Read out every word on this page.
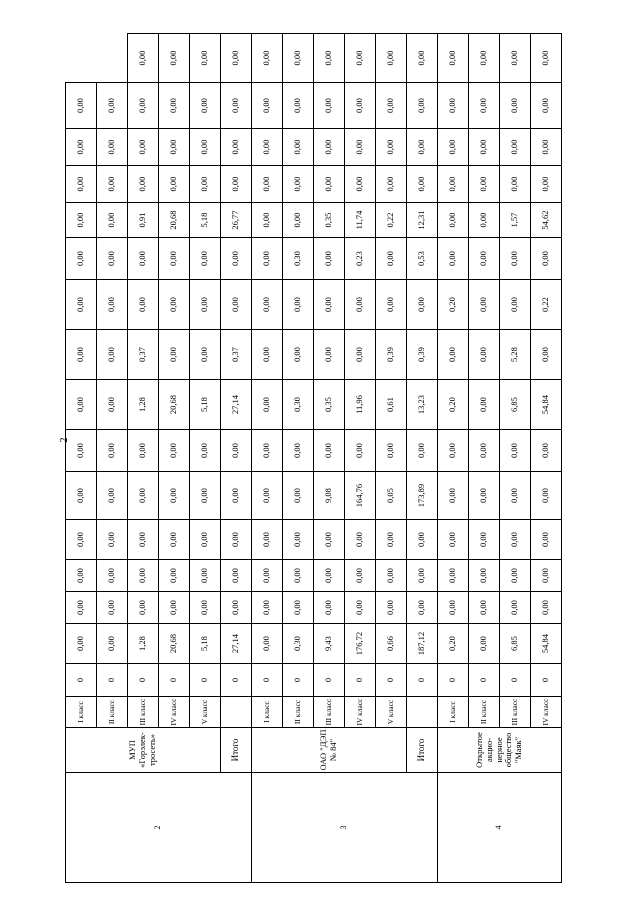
2
2	МУП «Горэлек-тросеть»	I класс	0	0,00	0,00	0,00	0,00	0,00	0,00	0,00	0,00	0,00	0,00	0,00	0,00	0,00	0,00	
		II класс	0	0,00	0,00	0,00	0,00	0,00	0,00	0,00	0,00	0,00	0,00	0,00	0,00	0,00	0,00	
		III класс	0	1,28	0,00	0,00	0,00	0,00	0,00	1,28	0,37	0,00	0,00	0,91	0,00	0,00	0,00	0,00
		IV класс	0	20,68	0,00	0,00	0,00	0,00	0,00	20,68	0,00	0,00	0,00	20,68	0,00	0,00	0,00	0,00
		V класс	0	5,18	0,00	0,00	0,00	0,00	0,00	5,18	0,00	0,00	0,00	5,18	0,00	0,00	0,00	0,00
	Итого		0	27,14	0,00	0,00	0,00	0,00	0,00	27,14	0,37	0,00	0,00	26,77	0,00	0,00	0,00	0,00
3	ОАО "ДЭП № 84"	I класс	0	0,00	0,00	0,00	0,00	0,00	0,00	0,00	0,00	0,00	0,00	0,00	0,00	0,00	0,00	0,00
		II класс	0	0,30	0,00	0,00	0,00	0,00	0,00	0,30	0,00	0,00	0,30	0,00	0,00	0,00	0,00	0,00
		III класс	0	9,43	0,00	0,00	0,00	9,08	0,00	0,35	0,00	0,00	0,00	0,35	0,00	0,00	0,00	0,00
		IV класс	0	176,72	0,00	0,00	0,00	164,76	0,00	11,96	0,00	0,00	0,23	11,74	0,00	0,00	0,00	0,00
		V класс	0	0,66	0,00	0,00	0,00	0,05	0,00	0,61	0,39	0,00	0,00	0,22	0,00	0,00	0,00	0,00
	Итого		0	187,12	0,00	0,00	0,00	173,89	0,00	13,23	0,39	0,00	0,53	12,31	0,00	0,00	0,00	0,00
4	Открытое акцио-нерное общество "Маяк"	I класс	0	0,20	0,00	0,00	0,00	0,00	0,00	0,20	0,00	0,20	0,00	0,00	0,00	0,00	0,00	0,00
		II класс	0	0,00	0,00	0,00	0,00	0,00	0,00	0,00	0,00	0,00	0,00	0,00	0,00	0,00	0,00	0,00
		III класс	0	6,85	0,00	0,00	0,00	0,00	0,00	6,85	5,28	0,00	0,00	1,57	0,00	0,00	0,00	0,00
		IV класс	0	54,84	0,00	0,00	0,00	0,00	0,00	54,84	0,00	0,22	0,00	54,62	0,00	0,00	0,00	0,00
